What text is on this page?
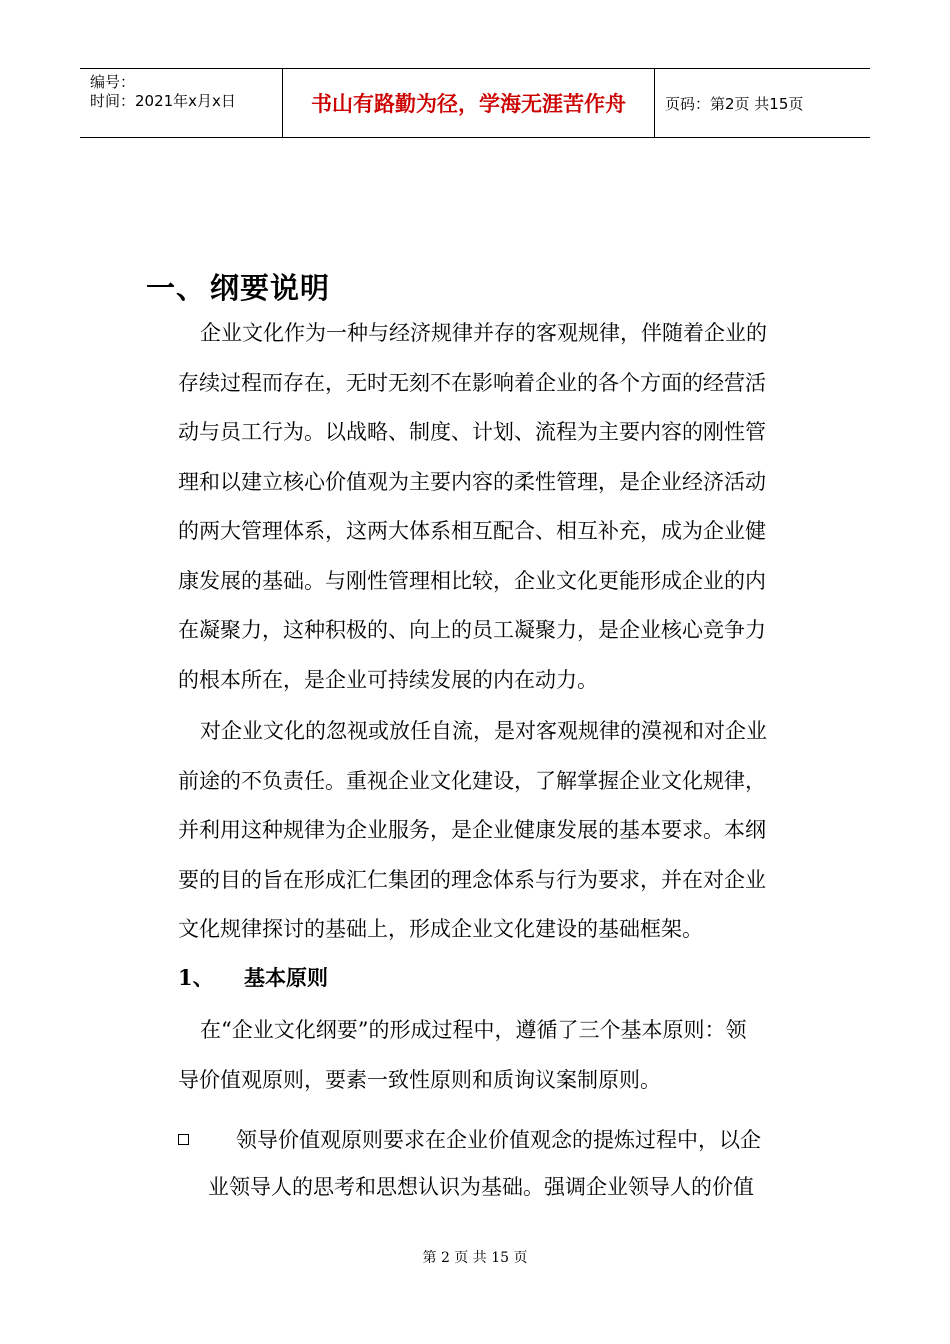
编号：
时间：2021年x月x日	书山有路勤为径，学海无涯苦作舟	页码：第2页 共15页
一、 纲要说明
企业文化作为一种与经济规律并存的客观规律，伴随着企业的
存续过程而存在，无时无刻不在影响着企业的各个方面的经营活
动与员工行为。以战略、制度、计划、流程为主要内容的刚性管
理和以建立核心价值观为主要内容的柔性管理，是企业经济活动
的两大管理体系，这两大体系相互配合、相互补充，成为企业健
康发展的基础。与刚性管理相比较，企业文化更能形成企业的内
在凝聚力，这种积极的、向上的员工凝聚力，是企业核心竞争力
的根本所在，是企业可持续发展的内在动力。
对企业文化的忽视或放任自流，是对客观规律的漠视和对企业
前途的不负责任。重视企业文化建设，了解掌握企业文化规律，
并利用这种规律为企业服务，是企业健康发展的基本要求。本纲
要的目的旨在形成汇仁集团的理念体系与行为要求，并在对企业
文化规律探讨的基础上，形成企业文化建设的基础框架。
1、 基本原则
在“企业文化纲要”的形成过程中，遵循了三个基本原则：领
导价值观原则，要素一致性原则和质询议案制原则。
领导价值观原则要求在企业价值观念的提炼过程中，以企
业领导人的思考和思想认识为基础。强调企业领导人的价值
第 2 页 共 15 页
